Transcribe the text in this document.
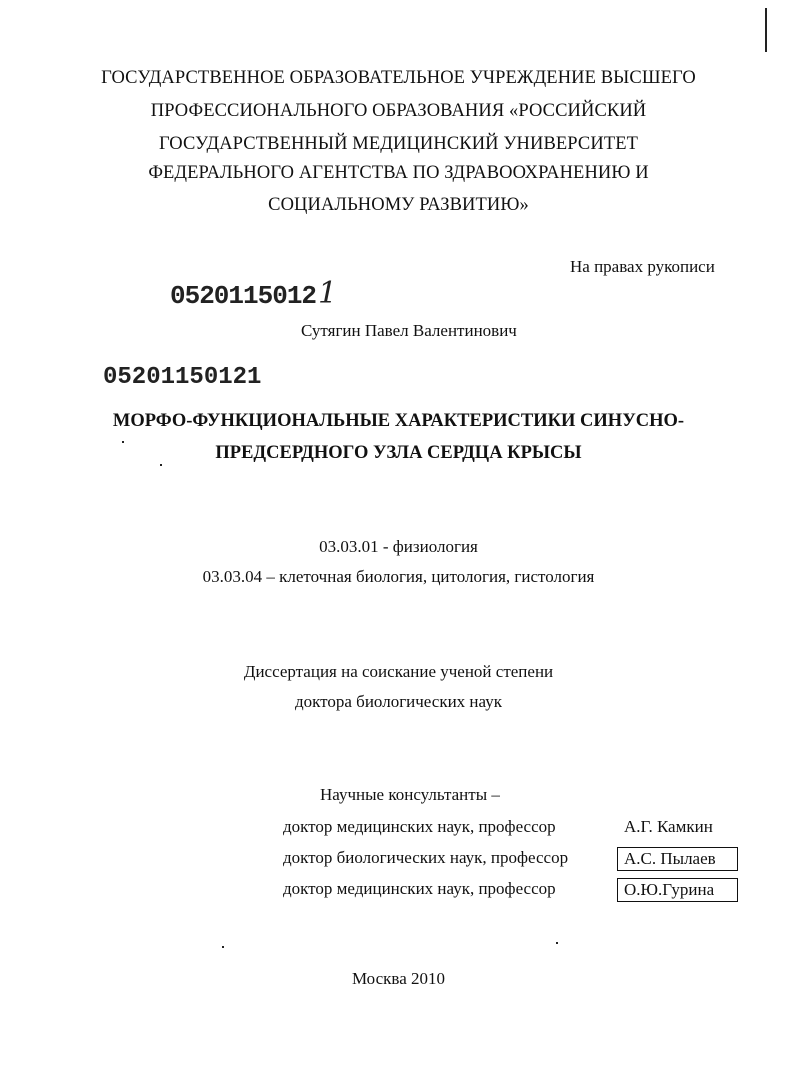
ГОСУДАРСТВЕННОЕ ОБРАЗОВАТЕЛЬНОЕ УЧРЕЖДЕНИЕ ВЫСШЕГО
ПРОФЕССИОНАЛЬНОГО ОБРАЗОВАНИЯ «РОССИЙСКИЙ
ГОСУДАРСТВЕННЫЙ МЕДИЦИНСКИЙ УНИВЕРСИТЕТ
ФЕДЕРАЛЬНОГО АГЕНТСТВА ПО ЗДРАВООХРАНЕНИЮ И
СОЦИАЛЬНОМУ РАЗВИТИЮ»
На правах рукописи
05201150121
Сутягин Павел Валентинович
05201150121
МОРФО-ФУНКЦИОНАЛЬНЫЕ ХАРАКТЕРИСТИКИ СИНУСНО-
ПРЕДСЕРДНОГО УЗЛА СЕРДЦА КРЫСЫ
03.03.01 - физиология
03.03.04 – клеточная биология, цитология, гистология
Диссертация на соискание ученой степени
доктора биологических наук
Научные консультанты –
доктор медицинских наук, профессор	А.Г. Камкин
доктор биологических наук, профессор	А.С. Пылаев
доктор медицинских наук, профессор	О.Ю.Гурина
Москва 2010
